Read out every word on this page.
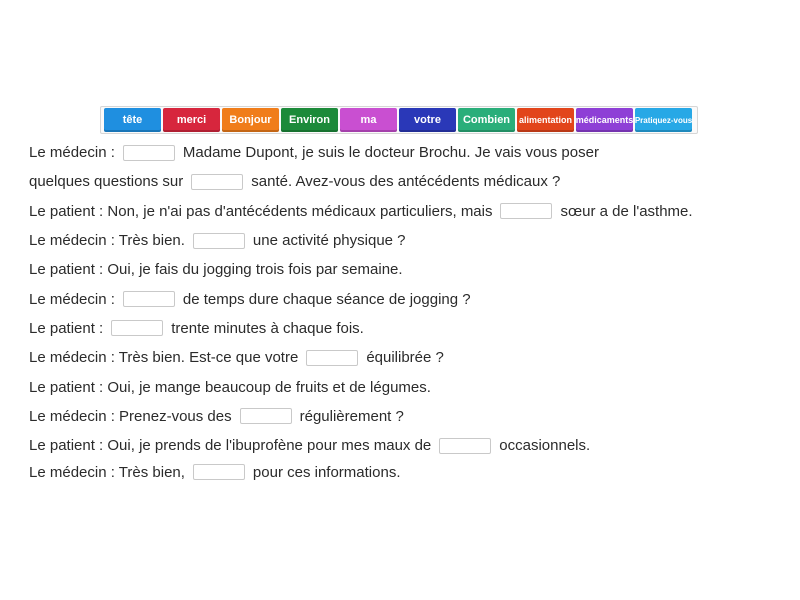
tête	merci	Bonjour	Environ	ma	votre	Combien alimentation médicaments Pratiquez-vous
Le médecin :	Madame Dupont, je suis le docteur Brochu. Je vais vous poser
quelques questions sur	santé. Avez-vous des antécédents médicaux ?
Le patient : Non, je n'ai pas d'antécédents médicaux particuliers, mais	sœur a de l'asthme.
Le médecin : Très bien.	une activité physique ?
Le patient : Oui, je fais du jogging trois fois par semaine.
Le médecin :	de temps dure chaque séance de jogging ?
Le patient :	trente minutes à chaque fois.
Le médecin : Très bien. Est-ce que votre	équilibrée ?
Le patient : Oui, je mange beaucoup de fruits et de légumes.
Le médecin : Prenez-vous des	régulièrement ?
Le patient : Oui, je prends de l'ibuprofène pour mes maux de	occasionnels.
Le médecin : Très bien,	pour ces informations.
